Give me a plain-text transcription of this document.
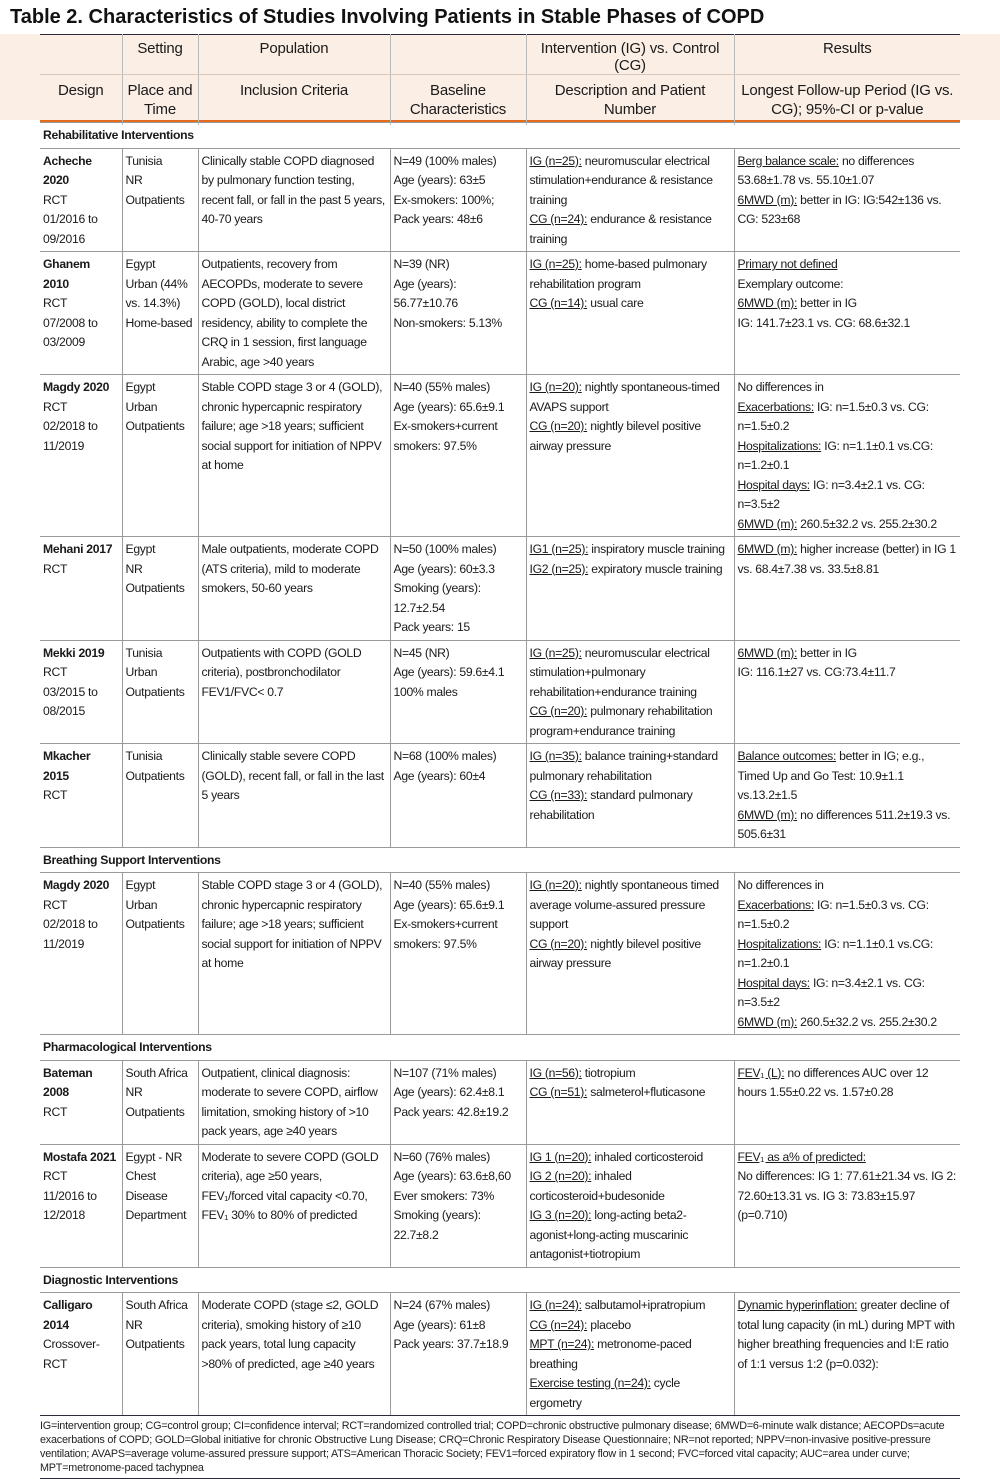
Table 2. Characteristics of Studies Involving Patients in Stable Phases of COPD
	Setting	Population		Intervention (IG) vs. Control (CG)	Results
Design	Place and Time	Inclusion Criteria	Baseline Characteristics	Description and Patient Number	Longest Follow-up Period (IG vs. CG); 95%-CI or p-value
Rehabilitative Interventions					
Acheche 2020
RCT
01/2016 to
09/2016	Tunisia
NR
Outpatients	Clinically stable COPD diagnosed by pulmonary function testing, recent fall, or fall in the past 5 years, 40-70 years	N=49 (100% males)
Age (years): 63±5
Ex-smokers: 100%; Pack years: 48±6	IG (n=25): neuromuscular electrical stimulation+endurance & resistance training
CG (n=24): endurance & resistance training	Berg balance scale: no differences 53.68±1.78 vs. 55.10±1.07
6MWD (m): better in IG: IG:542±136 vs. CG: 523±68

Ghanem 2010
RCT
07/2008 to
03/2009	Egypt
Urban (44% vs. 14.3%)
Home-based	Outpatients, recovery from AECOPDs, moderate to severe COPD (GOLD), local district residency, ability to complete the CRQ in 1 session, first language Arabic, age >40 years	N=39 (NR)
Age (years): 56.77±10.76
Non-smokers: 5.13%	IG (n=25): home-based pulmonary rehabilitation program
CG (n=14): usual care	Primary not defined
Exemplary outcome:
6MWD (m): better in IG
IG: 141.7±23.1 vs. CG: 68.6±32.1

Magdy 2020
RCT
02/2018 to
11/2019	Egypt
Urban
Outpatients	Stable COPD stage 3 or 4 (GOLD), chronic hypercapnic respiratory failure; age >18 years; sufficient social support for initiation of NPPV at home	N=40 (55% males)
Age (years): 65.6±9.1
Ex-smokers+current smokers: 97.5%	IG (n=20): nightly spontaneous-timed AVAPS support
CG (n=20): nightly bilevel positive airway pressure	No differences in
Exacerbations: IG: n=1.5±0.3 vs. CG: n=1.5±0.2
Hospitalizations: IG: n=1.1±0.1 vs.CG: n=1.2±0.1
Hospital days: IG: n=3.4±2.1 vs. CG: n=3.5±2
6MWD (m): 260.5±32.2 vs. 255.2±30.2

Mehani 2017
RCT	Egypt
NR
Outpatients	Male outpatients, moderate COPD (ATS criteria), mild to moderate smokers, 50-60 years	N=50 (100% males)
Age (years): 60±3.3
Smoking (years): 12.7±2.54
Pack years: 15	IG1 (n=25): inspiratory muscle training
IG2 (n=25): expiratory muscle training	6MWD (m): higher increase (better) in IG 1 vs. 68.4±7.38 vs. 33.5±8.81

Mekki 2019
RCT
03/2015 to
08/2015	Tunisia
Urban
Outpatients	Outpatients with COPD (GOLD criteria), postbronchodilator FEV1/FVC< 0.7	N=45 (NR)
Age (years): 59.6±4.1
100% males	IG (n=25): neuromuscular electrical stimulation+pulmonary rehabilitation+endurance training
CG (n=20): pulmonary rehabilitation program+endurance training	6MWD (m): better in IG
IG: 116.1±27 vs. CG:73.4±11.7

Mkacher 2015
RCT	Tunisia
Outpatients	Clinically stable severe COPD (GOLD), recent fall, or fall in the last 5 years	N=68 (100% males)
Age (years): 60±4	IG (n=35): balance training+standard pulmonary rehabilitation
CG (n=33): standard pulmonary rehabilitation	Balance outcomes: better in IG; e.g., Timed Up and Go Test: 10.9±1.1 vs.13.2±1.5
6MWD (m): no differences 511.2±19.3 vs. 505.6±31

Breathing Support Interventions					
Magdy 2020
RCT
02/2018 to
11/2019	Egypt
Urban
Outpatients	Stable COPD stage 3 or 4 (GOLD), chronic hypercapnic respiratory failure; age >18 years; sufficient social support for initiation of NPPV at home	N=40 (55% males)
Age (years): 65.6±9.1
Ex-smokers+current smokers: 97.5%	IG (n=20): nightly spontaneous timed average volume-assured pressure support
CG (n=20): nightly bilevel positive airway pressure	No differences in
Exacerbations: IG: n=1.5±0.3 vs. CG: n=1.5±0.2
Hospitalizations: IG: n=1.1±0.1 vs.CG: n=1.2±0.1
Hospital days: IG: n=3.4±2.1 vs. CG: n=3.5±2
6MWD (m): 260.5±32.2 vs. 255.2±30.2

Pharmacological Interventions					
Bateman 2008
RCT	South Africa
NR
Outpatients	Outpatient, clinical diagnosis: moderate to severe COPD, airflow limitation, smoking history of >10 pack years, age ≥40 years	N=107 (71% males)
Age (years): 62.4±8.1
Pack years: 42.8±19.2	IG (n=56): tiotropium
CG (n=51): salmeterol+fluticasone	FEV₁ (L): no differences AUC over 12 hours 1.55±0.22 vs. 1.57±0.28

Mostafa 2021
RCT
11/2016 to
12/2018	Egypt - NR
Chest
Disease
Department	Moderate to severe COPD (GOLD criteria), age ≥50 years, FEV₁/forced vital capacity <0.70, FEV₁ 30% to 80% of predicted	N=60 (76% males)
Age (years): 63.6±8,60
Ever smokers: 73%
Smoking (years): 22.7±8.2	IG 1 (n=20): inhaled corticosteroid
IG 2 (n=20): inhaled corticosteroid+budesonide
IG 3 (n=20): long-acting beta2-agonist+long-acting muscarinic antagonist+tiotropium	FEV₁ as a% of predicted:
No differences: IG 1: 77.61±21.34 vs. IG 2: 72.60±13.31 vs. IG 3: 73.83±15.97 (p=0.710)

Diagnostic Interventions					
Calligaro 2014
Crossover-
RCT	South Africa
NR
Outpatients	Moderate COPD (stage ≤2, GOLD criteria), smoking history of ≥10 pack years, total lung capacity >80% of predicted, age ≥40 years	N=24 (67% males)
Age (years): 61±8
Pack years: 37.7±18.9	IG (n=24): salbutamol+ipratropium
CG (n=24): placebo
MPT (n=24): metronome-paced breathing
Exercise testing (n=24): cycle ergometry	Dynamic hyperinflation: greater decline of total lung capacity (in mL) during MPT with higher breathing frequencies and I:E ratio of 1:1 versus 1:2 (p=0.032):
IG=intervention group; CG=control group; CI=confidence interval; RCT=randomized controlled trial; COPD=chronic obstructive pulmonary disease; 6MWD=6-minute walk distance; AECOPDs=acute exacerbations of COPD; GOLD=Global initiative for chronic Obstructive Lung Disease; CRQ=Chronic Respiratory Disease Questionnaire; NR=not reported; NPPV=non-invasive positive-pressure ventilation; AVAPS=average volume-assured pressure support; ATS=American Thoracic Society; FEV1=forced expiratory flow in 1 second; FVC=forced vital capacity; AUC=area under curve; MPT=metronome-paced tachypnea
